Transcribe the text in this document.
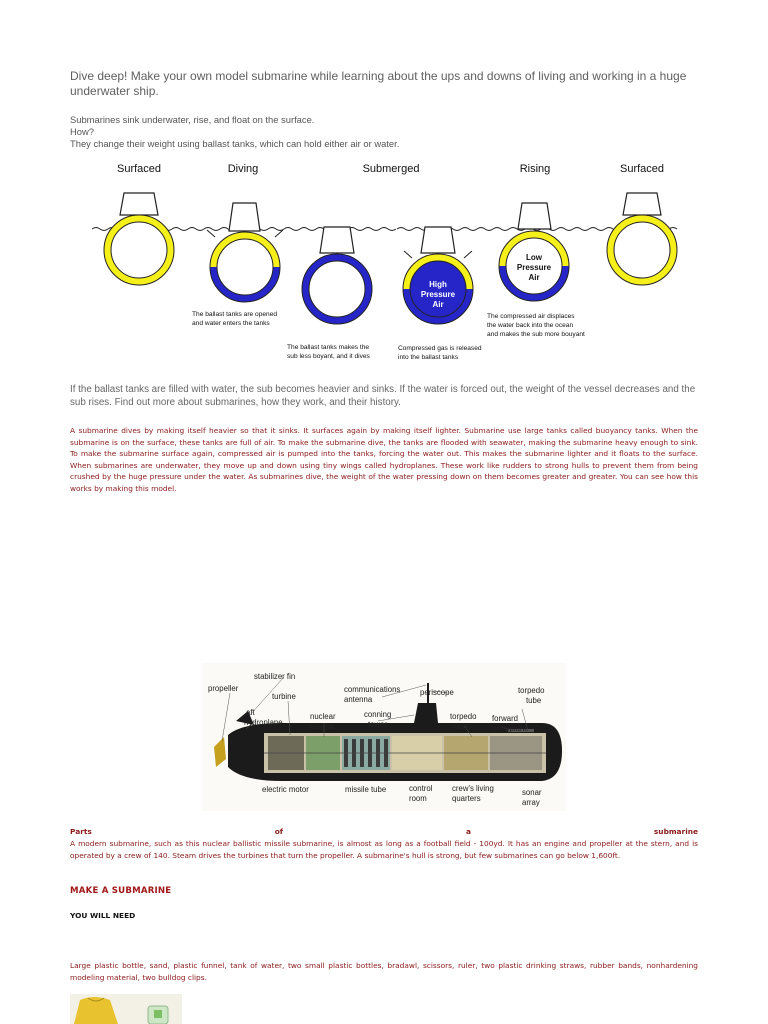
Dive deep! Make your own model submarine while learning about the ups and downs of living and working in a huge underwater ship.
Submarines sink underwater, rise, and float on the surface.
How?
They change their weight using ballast tanks, which can hold either air or water.
Surfaced	Diving	Submerged	Rising	Surfaced
High
Pressure
Air
Low
Pressure
Air
The ballast tanks are opened
and water enters the tanks
The ballast tanks makes the
sub less boyant, and it dives
Compressed gas is released
into the ballast tanks
The compressed air displaces
the water back into the ocean
and makes the sub more bouyant
If the ballast tanks are filled with water, the sub becomes heavier and sinks. If the water is forced out, the weight of the vessel decreases and the sub rises. Find out more about submarines, how they work, and their history.
A submarine dives by making itself heavier so that it sinks. It surfaces again by making itself lighter. Submarine use large tanks called buoyancy tanks. When the submarine is on the surface, these tanks are full of air. To make the submarine dive, the tanks are flooded with seawater, making the submarine heavy enough to sink. To make the submarine surface again, compressed air is pumped into the tanks, forcing the water out. This makes the submarine lighter and it floats to the surface. When submarines are underwater, they move up and down using tiny wings called hydroplanes. These work like rudders to strong hulls to prevent them from being crushed by the huge pressure under the water. As submarines dive, the weight of the water pressing down on them becomes greater and greater. You can see how this works by making this model.
stabilizer fin
propeller
turbine
aft
hydroplane
nuclear
reactor
conning
tower
communications
antenna
periscope	torpedo
tube
torpedo
room
forward
hydroplane
electric motor	missile tube	control
room
crew's living
quarters
sonar
array
Parts	of	a	submarine
A modern submarine, such as this nuclear ballistic missile submarine, is almost as long as a football field - 100yd. It has an engine and propeller at the stern, and is operated by a crew of 140. Steam drives the turbines that turn the propeller. A submarine's hull is strong, but few submarines can go below 1,600ft.
MAKE A SUBMARINE
YOU WILL NEED
Large plastic bottle, sand, plastic funnel, tank of water, two small plastic bottles, bradawl, scissors, ruler, two plastic drinking straws, rubber bands, nonhardening modeling material, two bulldog clips.
